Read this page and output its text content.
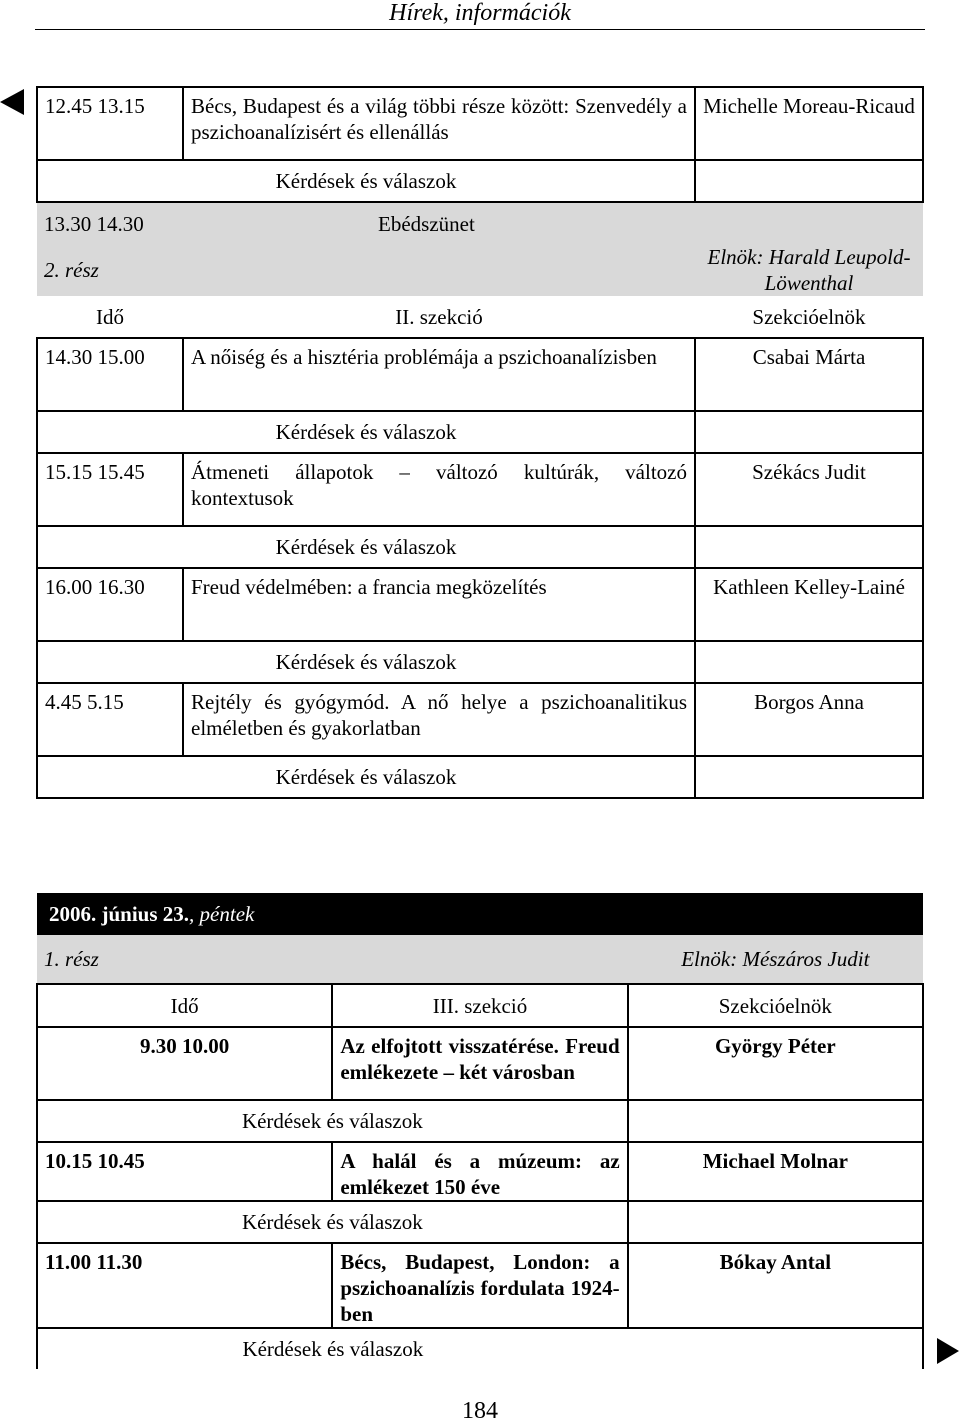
Hírek, információk
12.45 13.15	Bécs, Budapest és a világ többi része között: Szenvedély a pszichoanalízisért és ellenállás	Michelle Moreau-Ricaud
Kérdések és válaszok		
13.30 14.30	Ebédszünet	
2. rész		Elnök: Harald Leupold-Löwenthal
Idő	II. szekció	Szekcióelnök
14.30 15.00	A nőiség és a hisztéria problémája a pszichoanalízisben	Csabai Márta
Kérdések és válaszok		
15.15 15.45	Átmeneti állapotok – változó kultúrák, változó kontextusok	Székács Judit
Kérdések és válaszok		
16.00 16.30	Freud védelmében: a francia megközelítés	Kathleen Kelley-Lainé
Kérdések és válaszok		
4.45 5.15	Rejtély és gyógymód. A nő helye a pszichoanalitikus elméletben és gyakorlatban	Borgos Anna
Kérdések és válaszok		
2006. június 23., péntek		
1. rész		Elnök: Mészáros Judit
Idő	III. szekció	Szekcióelnök
9.30 10.00	Az elfojtott visszatérése. Freud emlékezete – két városban	György Péter
Kérdések és válaszok		
10.15 10.45	A halál és a múzeum: az emlékezet 150 éve	Michael Molnar
Kérdések és válaszok		
11.00 11.30	Bécs, Budapest, London: a pszichoanalízis fordulata 1924-ben	Bókay Antal
Kérdések és válaszok		
184
